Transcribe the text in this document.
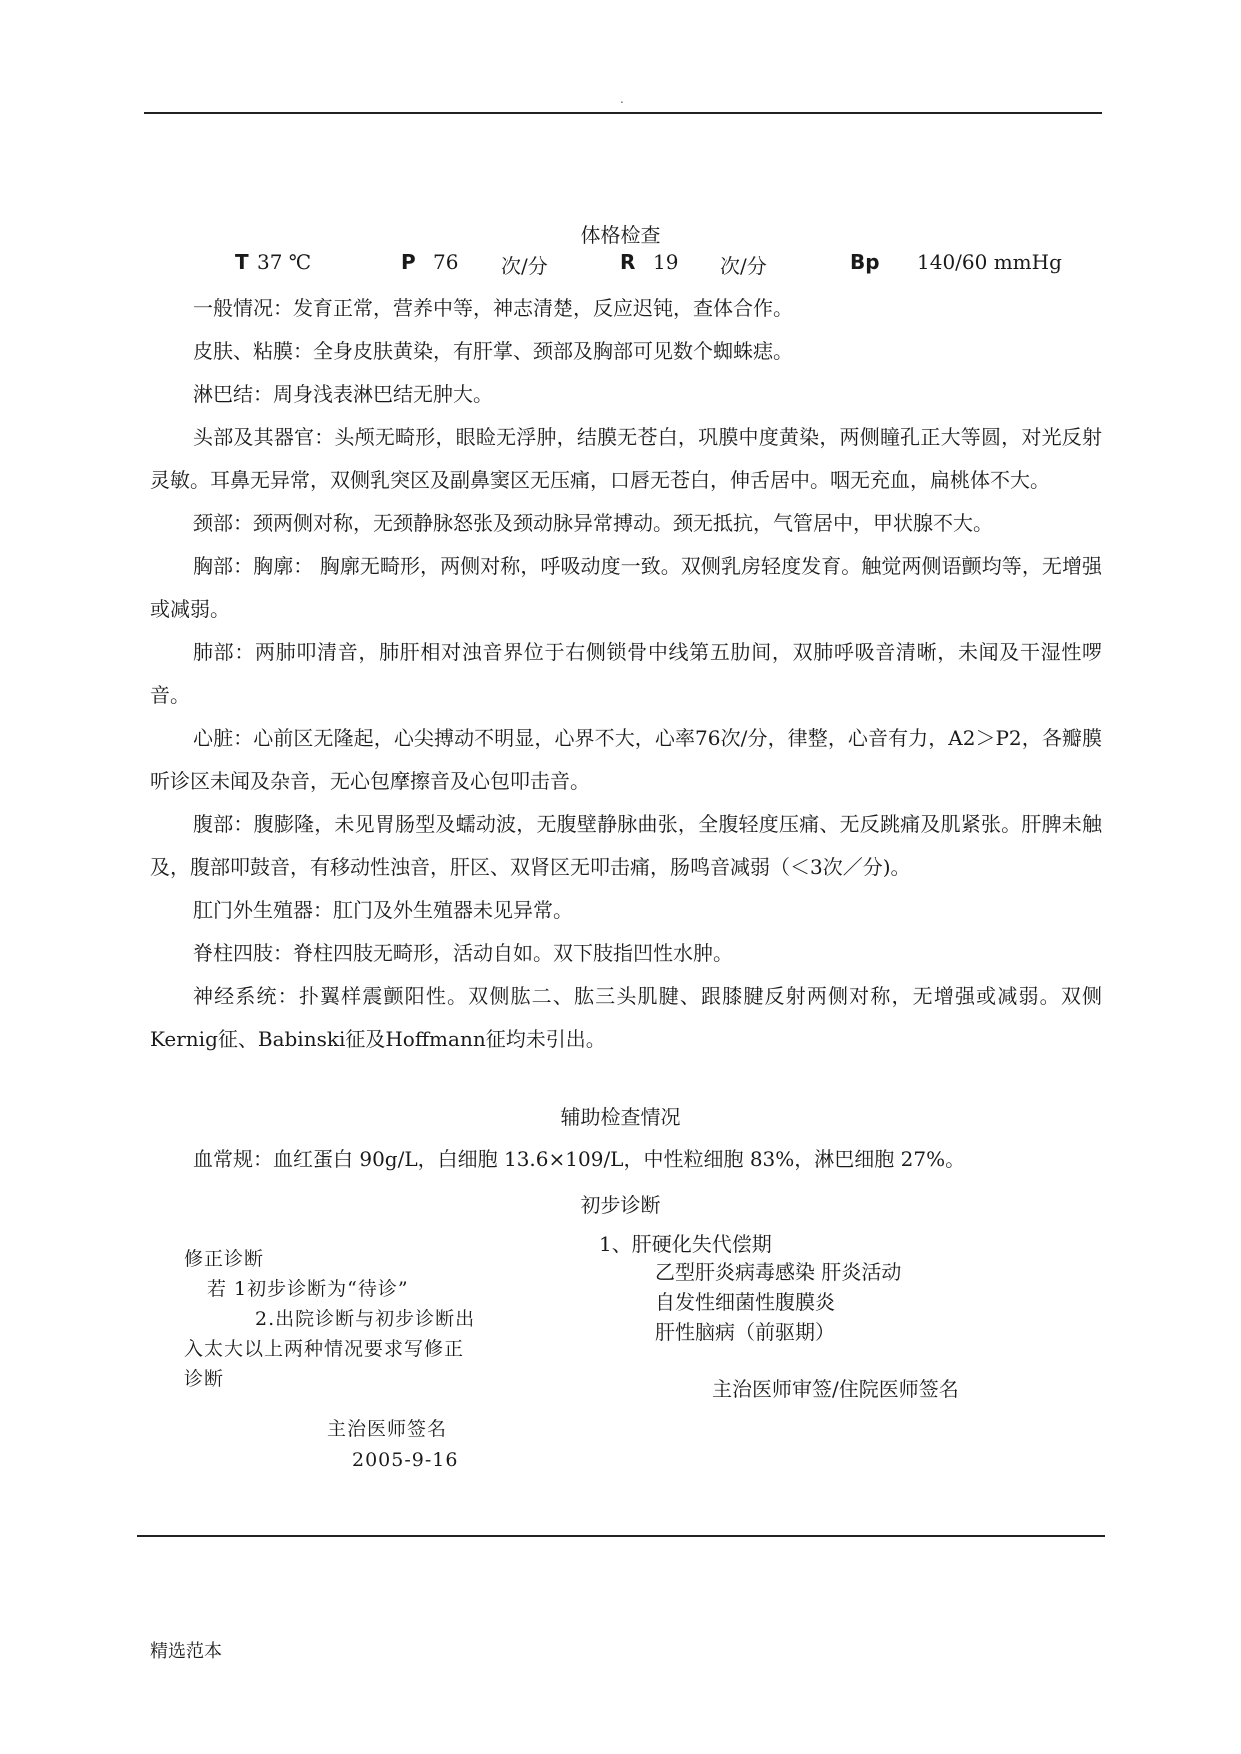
.
体格检查
T 37 ℃	P 76 次/分	R 19 次/分	Bp 140/60 mmHg

一般情况：发育正常，营养中等，神志清楚，反应迟钝，查体合作。

皮肤、粘膜：全身皮肤黄染，有肝掌、颈部及胸部可见数个蜘蛛痣。

淋巴结：周身浅表淋巴结无肿大。

头部及其器官：头颅无畸形，眼睑无浮肿，结膜无苍白，巩膜中度黄染，两侧瞳孔正大等圆，对光反射灵敏。耳鼻无异常，双侧乳突区及副鼻窦区无压痛，口唇无苍白，伸舌居中。咽无充血，扁桃体不大。

颈部：颈两侧对称，无颈静脉怒张及颈动脉异常搏动。颈无抵抗，气管居中，甲状腺不大。

胸部：胸廓： 胸廓无畸形，两侧对称，呼吸动度一致。双侧乳房轻度发育。触觉两侧语颤均等，无增强或减弱。

肺部：两肺叩清音，肺肝相对浊音界位于右侧锁骨中线第五肋间，双肺呼吸音清晰，未闻及干湿性啰音。

心脏：心前区无隆起，心尖搏动不明显，心界不大，心率76次/分，律整，心音有力，A2＞P2，各瓣膜听诊区未闻及杂音，无心包摩擦音及心包叩击音。

腹部：腹膨隆，未见胃肠型及蠕动波，无腹壁静脉曲张，全腹轻度压痛、无反跳痛及肌紧张。肝脾未触及，腹部叩鼓音，有移动性浊音，肝区、双肾区无叩击痛，肠鸣音减弱（＜3次／分)。

肛门外生殖器：肛门及外生殖器未见异常。

脊柱四肢：脊柱四肢无畸形，活动自如。双下肢指凹性水肿。

神经系统：扑翼样震颤阳性。双侧肱二、肱三头肌腱、跟膝腱反射两侧对称，无增强或减弱。双侧Kernig征、Babinski征及Hoffmann征均未引出。

辅助检查情况
血常规：血红蛋白 90g/L，白细胞 13.6×109/L，中性粒细胞 83%，淋巴细胞 27%。
初步诊断
修正诊断
若 1初步诊断为“待诊”
2.出院诊断与初步诊断出
入太大以上两种情况要求写修正
诊断
主治医师签名
2005-9-16
1、肝硬化失代偿期
乙型肝炎病毒感染 肝炎活动
自发性细菌性腹膜炎
肝性脑病（前驱期）
主治医师审签/住院医师签名
精选范本
